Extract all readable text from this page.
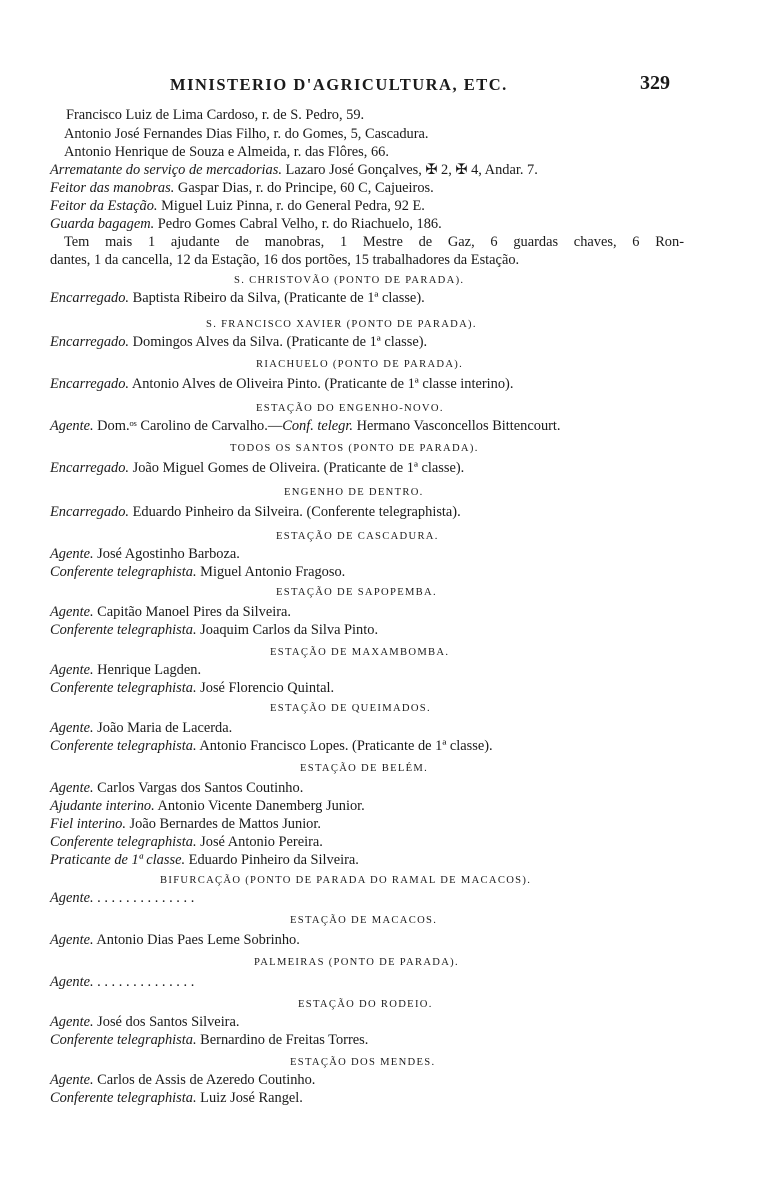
MINISTERIO D'AGRICULTURA, ETC.	329
Francisco Luiz de Lima Cardoso, r. de S. Pedro, 59.
Antonio José Fernandes Dias Filho, r. do Gomes, 5, Cascadura.
Antonio Henrique de Souza e Almeida, r. das Flôres, 66.
Arrematante do serviço de mercadorias. Lazaro José Gonçalves, ✠ 2, ✠ 4, Andar. 7.
Feitor das manobras. Gaspar Dias, r. do Principe, 60 C, Cajueiros.
Feitor da Estação. Miguel Luiz Pinna, r. do General Pedra, 92 E.
Guarda bagagem. Pedro Gomes Cabral Velho, r. do Riachuelo, 186.
Tem mais 1 ajudante de manobras, 1 Mestre de Gaz, 6 guardas chaves, 6 Ron-
dantes, 1 da cancella, 12 da Estação, 16 dos portões, 15 trabalhadores da Estação.
S. CHRISTOVÃO (PONTO DE PARADA).
Encarregado. Baptista Ribeiro da Silva, (Praticante de 1ª classe).
S. FRANCISCO XAVIER (PONTO DE PARADA).
Encarregado. Domingos Alves da Silva. (Praticante de 1ª classe).
RIACHUELO (PONTO DE PARADA).
Encarregado. Antonio Alves de Oliveira Pinto. (Praticante de 1ª classe interino).
ESTAÇÃO DO ENGENHO-NOVO.
Agente. Dom.ᵒˢ Carolino de Carvalho.—Conf. telegr. Hermano Vasconcellos Bittencourt.
TODOS OS SANTOS (PONTO DE PARADA).
Encarregado. João Miguel Gomes de Oliveira. (Praticante de 1ª classe).
ENGENHO DE DENTRO.
Encarregado. Eduardo Pinheiro da Silveira. (Conferente telegraphista).
ESTAÇÃO DE CASCADURA.
Agente. José Agostinho Barboza.
Conferente telegraphista. Miguel Antonio Fragoso.
ESTAÇÃO DE SAPOPEMBA.
Agente. Capitão Manoel Pires da Silveira.
Conferente telegraphista. Joaquim Carlos da Silva Pinto.
ESTAÇÃO DE MAXAMBOMBA.
Agente. Henrique Lagden.
Conferente telegraphista. José Florencio Quintal.
ESTAÇÃO DE QUEIMADOS.
Agente. João Maria de Lacerda.
Conferente telegraphista. Antonio Francisco Lopes. (Praticante de 1ª classe).
ESTAÇÃO DE BELÉM.
Agente. Carlos Vargas dos Santos Coutinho.
Ajudante interino. Antonio Vicente Danemberg Junior.
Fiel interino. João Bernardes de Mattos Junior.
Conferente telegraphista. José Antonio Pereira.
Praticante de 1ª classe. Eduardo Pinheiro da Silveira.
BIFURCAÇÃO (PONTO DE PARADA DO RAMAL DE MACACOS).
Agente. . . . . . . . . . . . . . .
ESTAÇÃO DE MACACOS.
Agente. Antonio Dias Paes Leme Sobrinho.
PALMEIRAS (PONTO DE PARADA).
Agente. . . . . . . . . . . . . . .
ESTAÇÃO DO RODEIO.
Agente. José dos Santos Silveira.
Conferente telegraphista. Bernardino de Freitas Torres.
ESTAÇÃO DOS MENDES.
Agente. Carlos de Assis de Azeredo Coutinho.
Conferente telegraphista. Luiz José Rangel.
